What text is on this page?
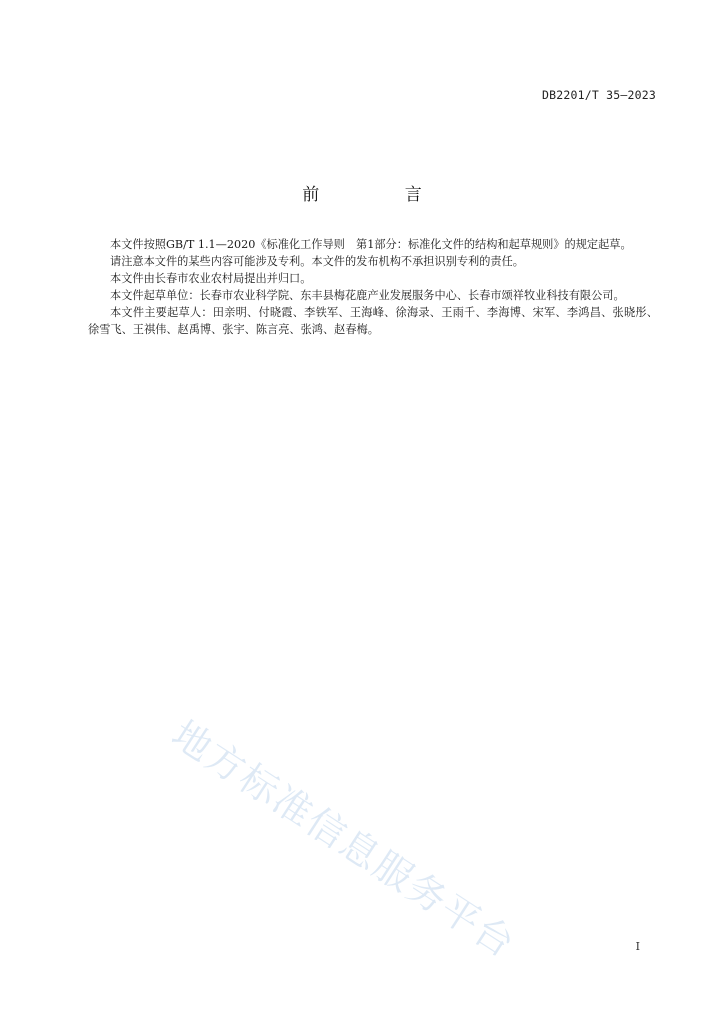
DB2201/T 35—2023
前 言

本文件按照GB/T 1.1—2020《标准化工作导则　第1部分：标准化文件的结构和起草规则》的规定起草。

请注意本文件的某些内容可能涉及专利。本文件的发布机构不承担识别专利的责任。

本文件由长春市农业农村局提出并归口。

本文件起草单位：长春市农业科学院、东丰县梅花鹿产业发展服务中心、长春市颂祥牧业科技有限公司。

本文件主要起草人：田亲明、付晓霞、李铁军、王海峰、徐海录、王雨千、李海博、宋军、李鸿昌、张晓彤、徐雪飞、王祺伟、赵禹博、张宇、陈言亮、张鸿、赵春梅。

地方标准信息服务平台	I
